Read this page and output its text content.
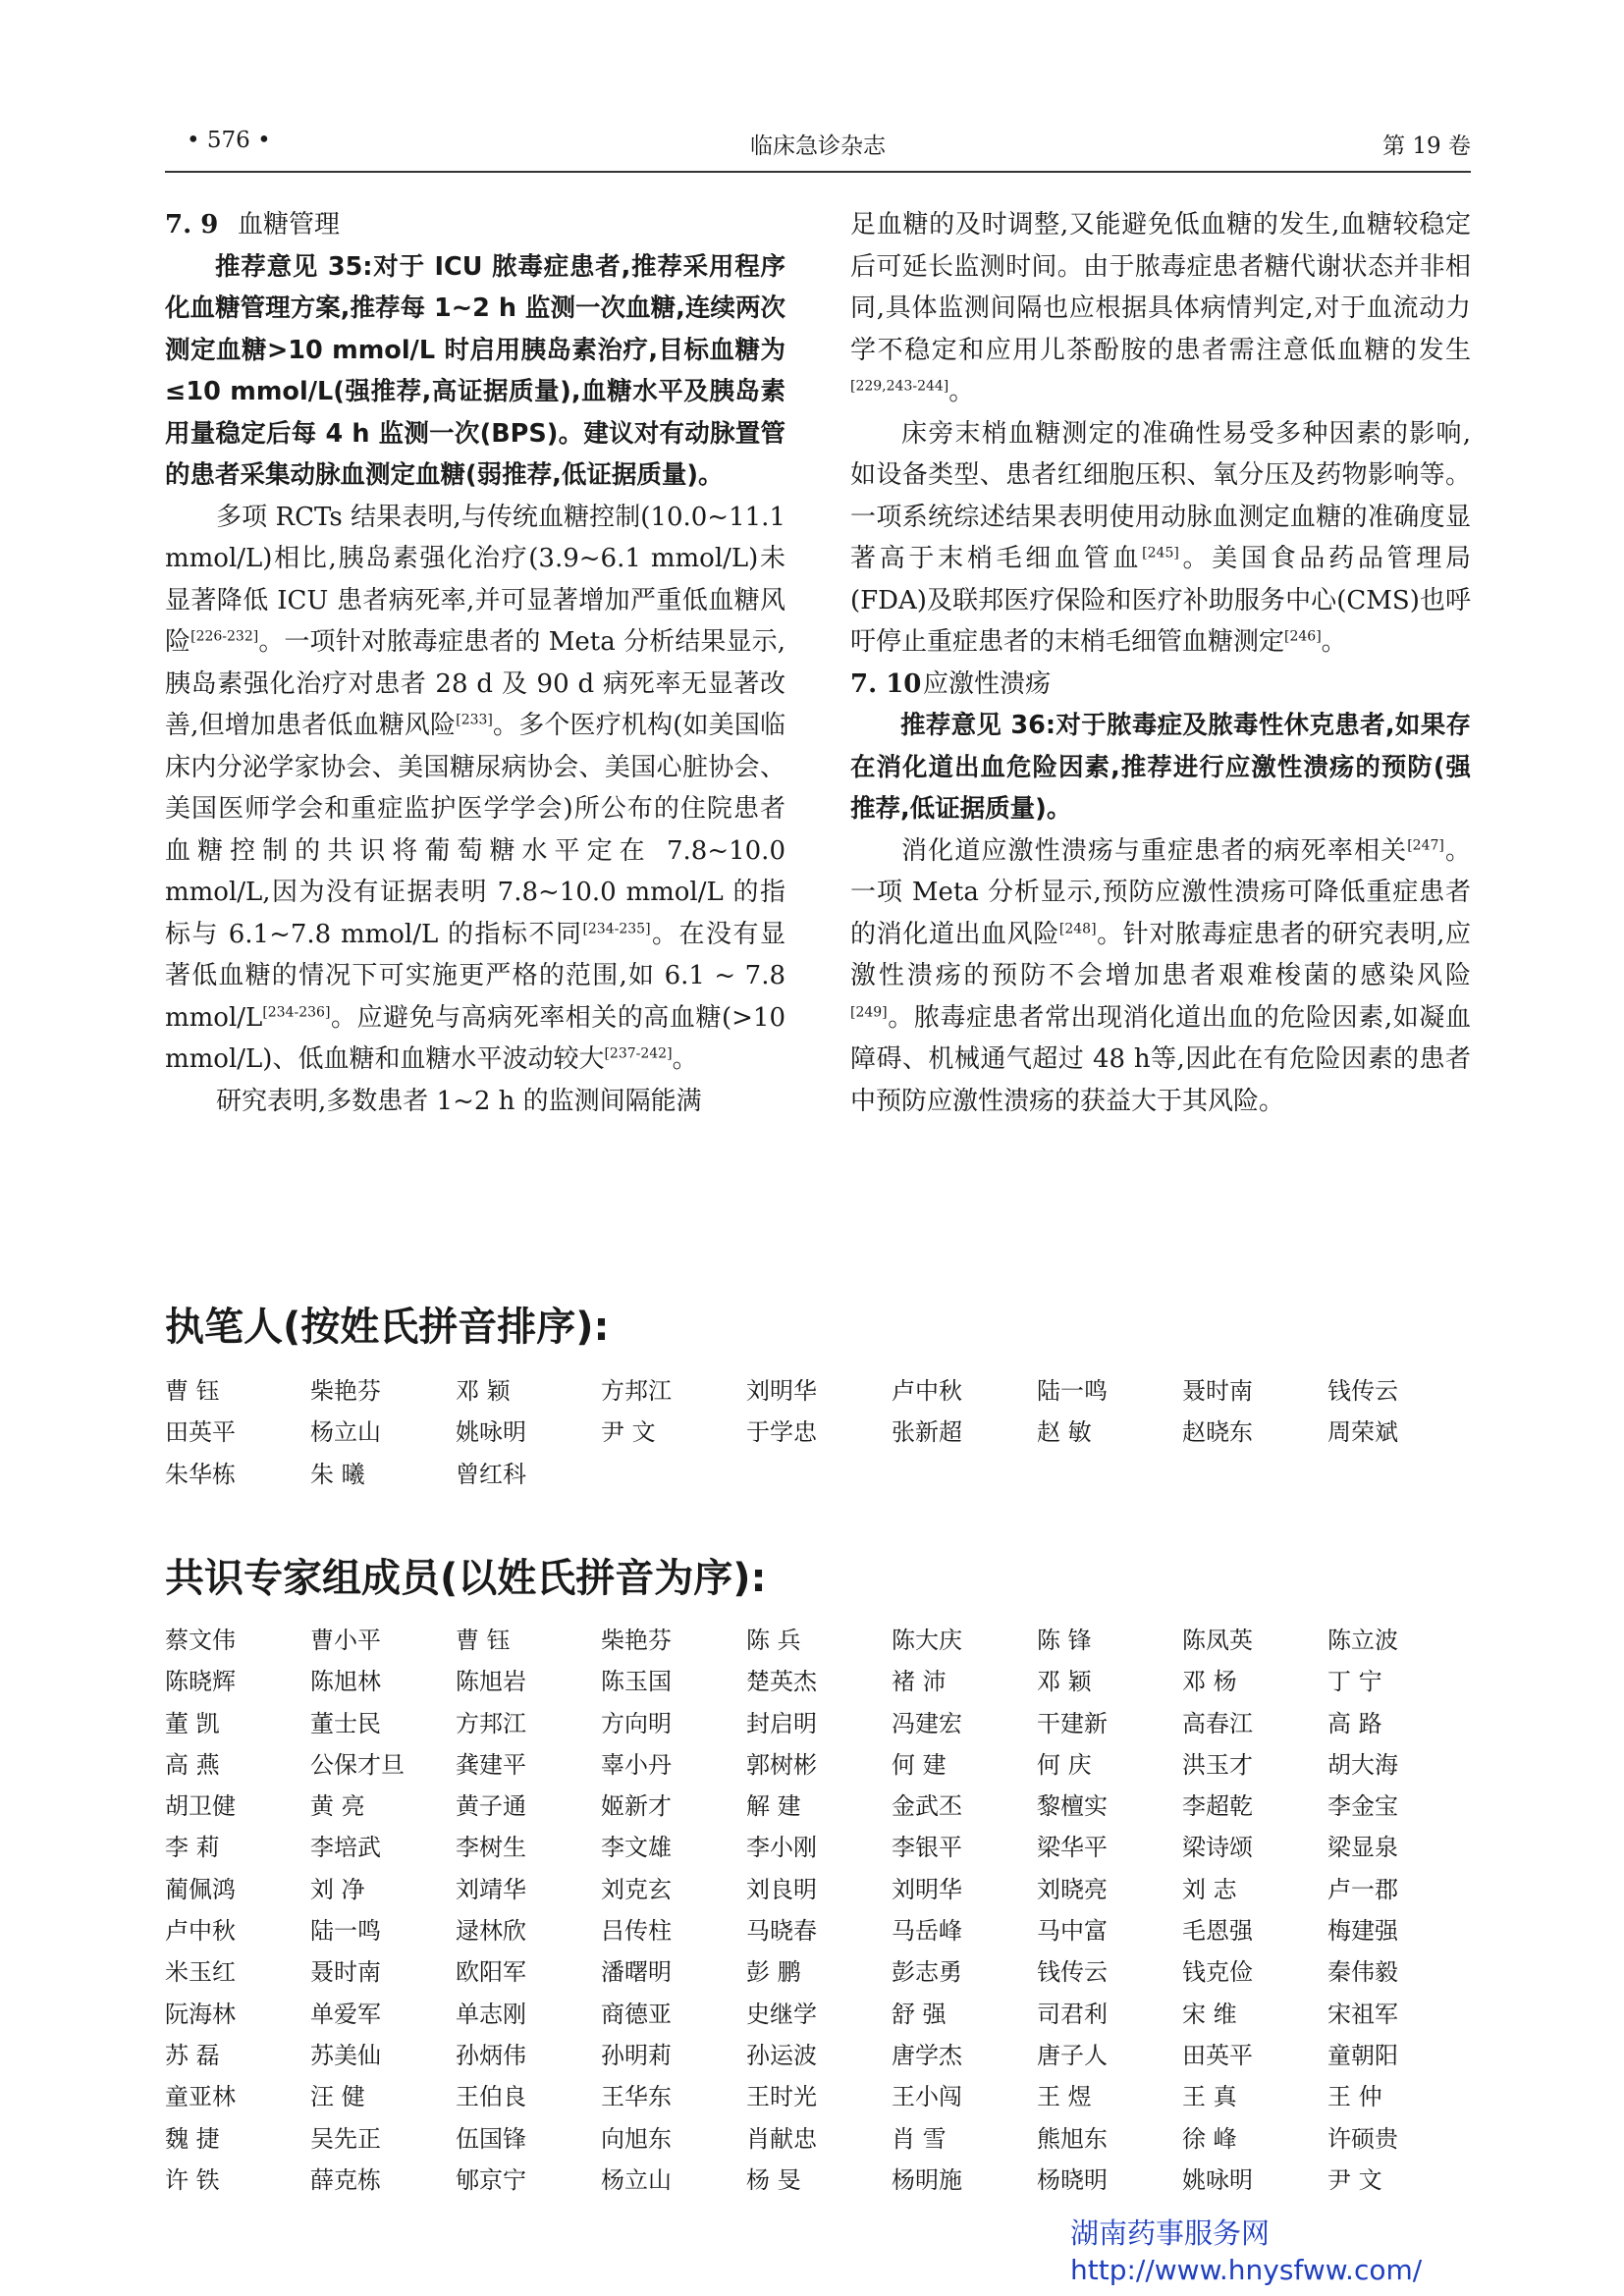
• 576 •	临床急诊杂志	第 19 卷

7. 9 血糖管理

推荐意见 35:对于 ICU 脓毒症患者,推荐采用程序化血糖管理方案,推荐每 1~2 h 监测一次血糖,连续两次测定血糖>10 mmol/L 时启用胰岛素治疗,目标血糖为≤10 mmol/L(强推荐,高证据质量),血糖水平及胰岛素用量稳定后每 4 h 监测一次(BPS)。建议对有动脉置管的患者采集动脉血测定血糖(弱推荐,低证据质量)。

多项 RCTs 结果表明,与传统血糖控制(10.0~11.1 mmol/L)相比,胰岛素强化治疗(3.9~6.1 mmol/L)未显著降低 ICU 患者病死率,并可显著增加严重低血糖风险[226-232]。一项针对脓毒症患者的 Meta 分析结果显示,胰岛素强化治疗对患者 28 d 及 90 d 病死率无显著改善,但增加患者低血糖风险[233]。多个医疗机构(如美国临床内分泌学家协会、美国糖尿病协会、美国心脏协会、美国医师学会和重症监护医学学会)所公布的住院患者血糖控制的共识将葡萄糖水平定在 7.8~10.0 mmol/L,因为没有证据表明 7.8~10.0 mmol/L 的指标与 6.1~7.8 mmol/L 的指标不同[234-235]。在没有显著低血糖的情况下可实施更严格的范围,如 6.1 ~ 7.8 mmol/L[234-236]。应避免与高病死率相关的高血糖(>10 mmol/L)、低血糖和血糖水平波动较大[237-242]。

研究表明,多数患者 1~2 h 的监测间隔能满

足血糖的及时调整,又能避免低血糖的发生,血糖较稳定后可延长监测时间。由于脓毒症患者糖代谢状态并非相同,具体监测间隔也应根据具体病情判定,对于血流动力学不稳定和应用儿茶酚胺的患者需注意低血糖的发生[229,243-244]。

床旁末梢血糖测定的准确性易受多种因素的影响,如设备类型、患者红细胞压积、氧分压及药物影响等。一项系统综述结果表明使用动脉血测定血糖的准确度显著高于末梢毛细血管血[245]。美国食品药品管理局(FDA)及联邦医疗保险和医疗补助服务中心(CMS)也呼吁停止重症患者的末梢毛细管血糖测定[246]。

7. 10应激性溃疡

推荐意见 36:对于脓毒症及脓毒性休克患者,如果存在消化道出血危险因素,推荐进行应激性溃疡的预防(强推荐,低证据质量)。

消化道应激性溃疡与重症患者的病死率相关[247]。一项 Meta 分析显示,预防应激性溃疡可降低重症患者的消化道出血风险[248]。针对脓毒症患者的研究表明,应激性溃疡的预防不会增加患者艰难梭菌的感染风险[249]。脓毒症患者常出现消化道出血的危险因素,如凝血障碍、机械通气超过 48 h等,因此在有危险因素的患者中预防应激性溃疡的获益大于其风险。

执笔人(按姓氏拼音排序):
曹 钰	柴艳芬	邓 颖	方邦江	刘明华	卢中秋	陆一鸣	聂时南	钱传云
田英平	杨立山	姚咏明	尹 文	于学忠	张新超	赵 敏	赵晓东	周荣斌
朱华栋	朱 曦	曾红科
共识专家组成员(以姓氏拼音为序):
蔡文伟	曹小平	曹 钰	柴艳芬	陈 兵	陈大庆	陈 锋	陈凤英	陈立波
陈晓辉	陈旭林	陈旭岩	陈玉国	楚英杰	褚 沛	邓 颖	邓 杨	丁 宁
董 凯	董士民	方邦江	方向明	封启明	冯建宏	干建新	高春江	高 路
高 燕	公保才旦	龚建平	辜小丹	郭树彬	何 建	何 庆	洪玉才	胡大海
胡卫健	黄 亮	黄子通	姬新才	解 建	金武丕	黎檀实	李超乾	李金宝
李 莉	李培武	李树生	李文雄	李小刚	李银平	梁华平	梁诗颂	梁显泉
蔺佩鸿	刘 净	刘靖华	刘克玄	刘良明	刘明华	刘晓亮	刘 志	卢一郡
卢中秋	陆一鸣	逯林欣	吕传柱	马晓春	马岳峰	马中富	毛恩强	梅建强
米玉红	聂时南	欧阳军	潘曙明	彭 鹏	彭志勇	钱传云	钱克俭	秦伟毅
阮海林	单爱军	单志刚	商德亚	史继学	舒 强	司君利	宋 维	宋祖军
苏 磊	苏美仙	孙炳伟	孙明莉	孙运波	唐学杰	唐子人	田英平	童朝阳
童亚林	汪 健	王伯良	王华东	王时光	王小闯	王 煜	王 真	王 仲
魏 捷	吴先正	伍国锋	向旭东	肖献忠	肖 雪	熊旭东	徐 峰	许硕贵
许 铁	薛克栋	郇京宁	杨立山	杨 旻	杨明施	杨晓明	姚咏明	尹 文
湖南药事服务网
http://www.hnysfww.com/
